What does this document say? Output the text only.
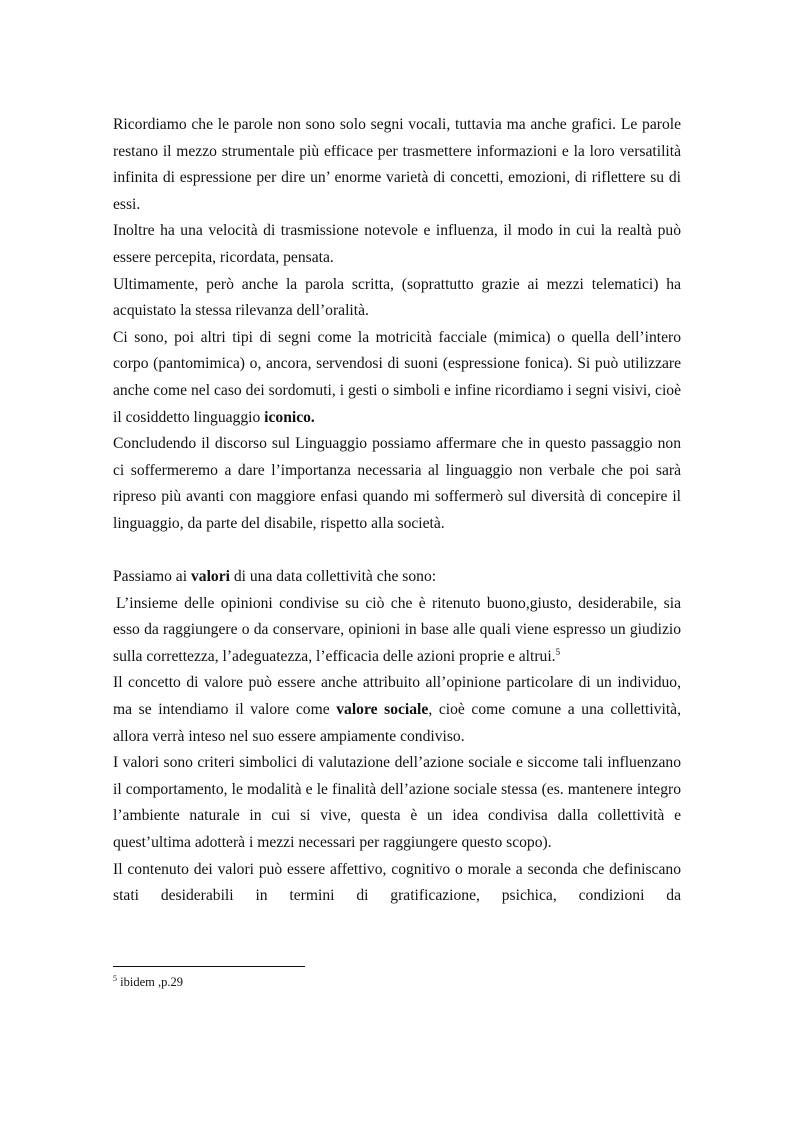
Ricordiamo che le parole non sono solo segni vocali, tuttavia ma anche grafici. Le parole restano il mezzo strumentale più efficace per trasmettere informazioni e la loro versatilità infinita di espressione per dire un’ enorme varietà di concetti, emozioni, di riflettere su di essi.

Inoltre ha una velocità di trasmissione notevole e influenza, il modo in cui la realtà può essere percepita, ricordata, pensata.

Ultimamente, però anche la parola scritta, (soprattutto grazie ai mezzi telematici) ha acquistato la stessa rilevanza dell’oralità.

Ci sono, poi altri tipi di segni come la motricità facciale (mimica) o quella dell’intero corpo (pantomimica) o, ancora, servendosi di suoni (espressione fonica). Si può utilizzare anche come nel caso dei sordomuti, i gesti o simboli e infine ricordiamo i segni visivi, cioè il cosiddetto linguaggio iconico.

Concludendo il discorso sul Linguaggio possiamo affermare che in questo passaggio non ci soffermeremo a dare l’importanza necessaria al linguaggio non verbale che poi sarà ripreso più avanti con maggiore enfasi quando mi soffermerò sul diversità di concepire il linguaggio, da parte del disabile, rispetto alla società.

Passiamo ai valori di una data collettività che sono:

L’insieme delle opinioni condivise su ciò che è ritenuto buono,giusto, desiderabile, sia esso da raggiungere o da conservare, opinioni in base alle quali viene espresso un giudizio sulla correttezza, l’adeguatezza, l’efficacia delle azioni proprie e altrui.$^5$

Il concetto di valore può essere anche attribuito all’opinione particolare di un individuo, ma se intendiamo il valore come valore sociale, cioè come comune a una collettività, allora verrà inteso nel suo essere ampiamente condiviso.

I valori sono criteri simbolici di valutazione dell’azione sociale e siccome tali influenzano il comportamento, le modalità e le finalità dell’azione sociale stessa (es. mantenere integro l’ambiente naturale in cui si vive, questa è un idea condivisa dalla collettività e quest’ultima adotterà i mezzi necessari per raggiungere questo scopo).

Il contenuto dei valori può essere affettivo, cognitivo o morale a seconda che definiscano stati desiderabili in termini di gratificazione, psichica, condizioni da

$^5$ ibidem ,p.29
